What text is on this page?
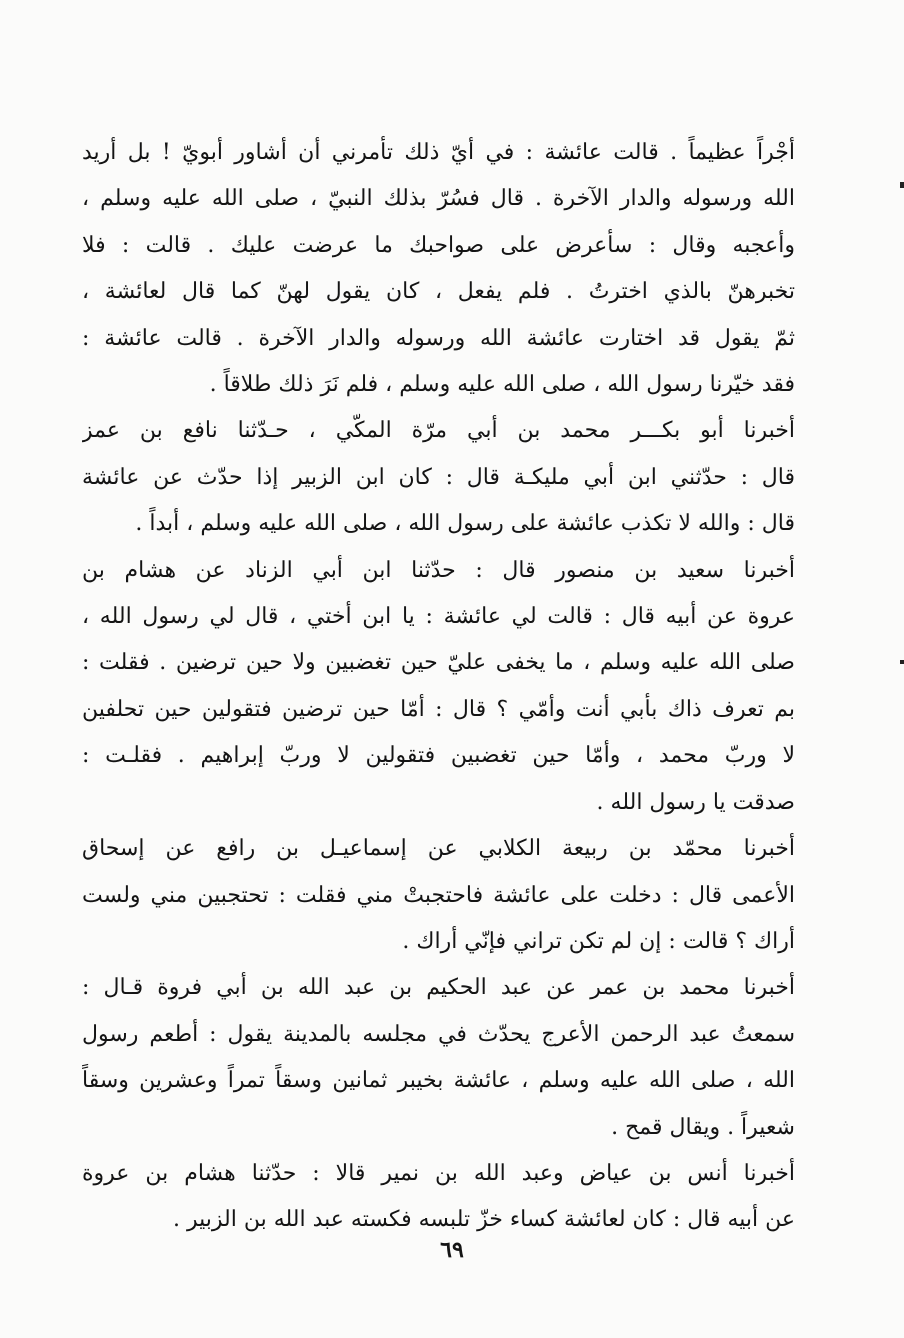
أجْراً عظيماً . قالت عائشة : في أيّ ذلك تأمرني أن أشاور أبويّ ! بل أريد
الله ورسوله والدار الآخرة . قال فسُرّ بذلك النبيّ ، صلى الله عليه وسلم ،
وأعجبه وقال : سأعرض على صواحبك ما عرضت عليك . قالت : فلا
تخبرهنّ بالذي اخترتُ . فلم يفعل ، كان يقول لهنّ كما قال لعائشة ،
ثمّ يقول قد اختارت عائشة الله ورسوله والدار الآخرة . قالت عائشة :
فقد خيّرنا رسول الله ، صلى الله عليه وسلم ، فلم نَرَ ذلك طلاقاً .

أخبرنا أبو بكـــر محمد بن أبي مرّة المكّي ، حـدّثنا نافع بن عمز
قال : حدّثني ابن أبي مليكـة قال : كان ابن الزبير إذا حدّث عن عائشة
قال : والله لا تكذب عائشة على رسول الله ، صلى الله عليه وسلم ، أبداً .

أخبرنا سعيد بن منصور قال : حدّثنا ابن أبي الزناد عن هشام بن
عروة عن أبيه قال : قالت لي عائشة : يا ابن أختي ، قال لي رسول الله ،
صلى الله عليه وسلم ، ما يخفى عليّ حين تغضبين ولا حين ترضين . فقلت :
بم تعرف ذاك بأبي أنت وأمّي ؟ قال : أمّا حين ترضين فتقولين حين تحلفين
لا وربّ محمد ، وأمّا حين تغضبين فتقولين لا وربّ إبراهيم . فقلـت :
صدقت يا رسول الله .

أخبرنا محمّد بن ربيعة الكلابي عن إسماعيـل بن رافع عن إسحاق
الأعمى قال : دخلت على عائشة فاحتجبتْ مني فقلت : تحتجبين مني ولست
أراك ؟ قالت : إن لم تكن تراني فإنّي أراك .

أخبرنا محمد بن عمر عن عبد الحكيم بن عبد الله بن أبي فروة قـال :
سمعتُ عبد الرحمن الأعرج يحدّث في مجلسه بالمدينة يقول : أطعم رسول
الله ، صلى الله عليه وسلم ، عائشة بخيبر ثمانين وسقاً تمراً وعشرين وسقاً
شعيراً . ويقال قمح .

أخبرنا أنس بن عياض وعبد الله بن نمير قالا : حدّثنا هشام بن عروة
عن أبيه قال : كان لعائشة كساء خزّ تلبسه فكسته عبد الله بن الزبير .

٦٩
